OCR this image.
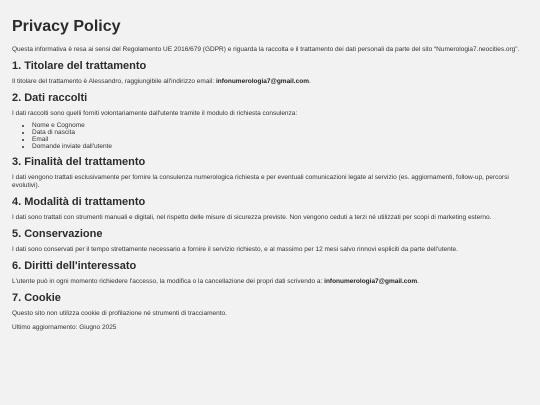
Privacy Policy

Questa informativa è resa ai sensi del Regolamento UE 2016/679 (GDPR) e riguarda la raccolta e il trattamento dei dati personali da parte del sito “Numerologia7.neocities.org”.

1. Titolare del trattamento

Il titolare del trattamento è Alessandro, raggiungibile all'indirizzo email: infonumerologia7@gmail.com.

2. Dati raccolti

I dati raccolti sono quelli forniti volontariamente dall'utente tramite il modulo di richiesta consulenza:

• Nome e Cognome
• Data di nascita
• Email
• Domande inviate dall'utente
3. Finalità del trattamento

I dati vengono trattati esclusivamente per fornire la consulenza numerologica richiesta e per eventuali comunicazioni legate al servizio (es. aggiornamenti, follow-up, percorsi evolutivi).

4. Modalità di trattamento

I dati sono trattati con strumenti manuali e digitali, nel rispetto delle misure di sicurezza previste. Non vengono ceduti a terzi né utilizzati per scopi di marketing esterno.

5. Conservazione

I dati sono conservati per il tempo strettamente necessario a fornire il servizio richiesto, e al massimo per 12 mesi salvo rinnovi espliciti da parte dell'utente.

6. Diritti dell'interessato

L'utente può in ogni momento richiedere l'accesso, la modifica o la cancellazione dei propri dati scrivendo a: infonumerologia7@gmail.com.

7. Cookie

Questo sito non utilizza cookie di profilazione né strumenti di tracciamento.

Ultimo aggiornamento: Giugno 2025
